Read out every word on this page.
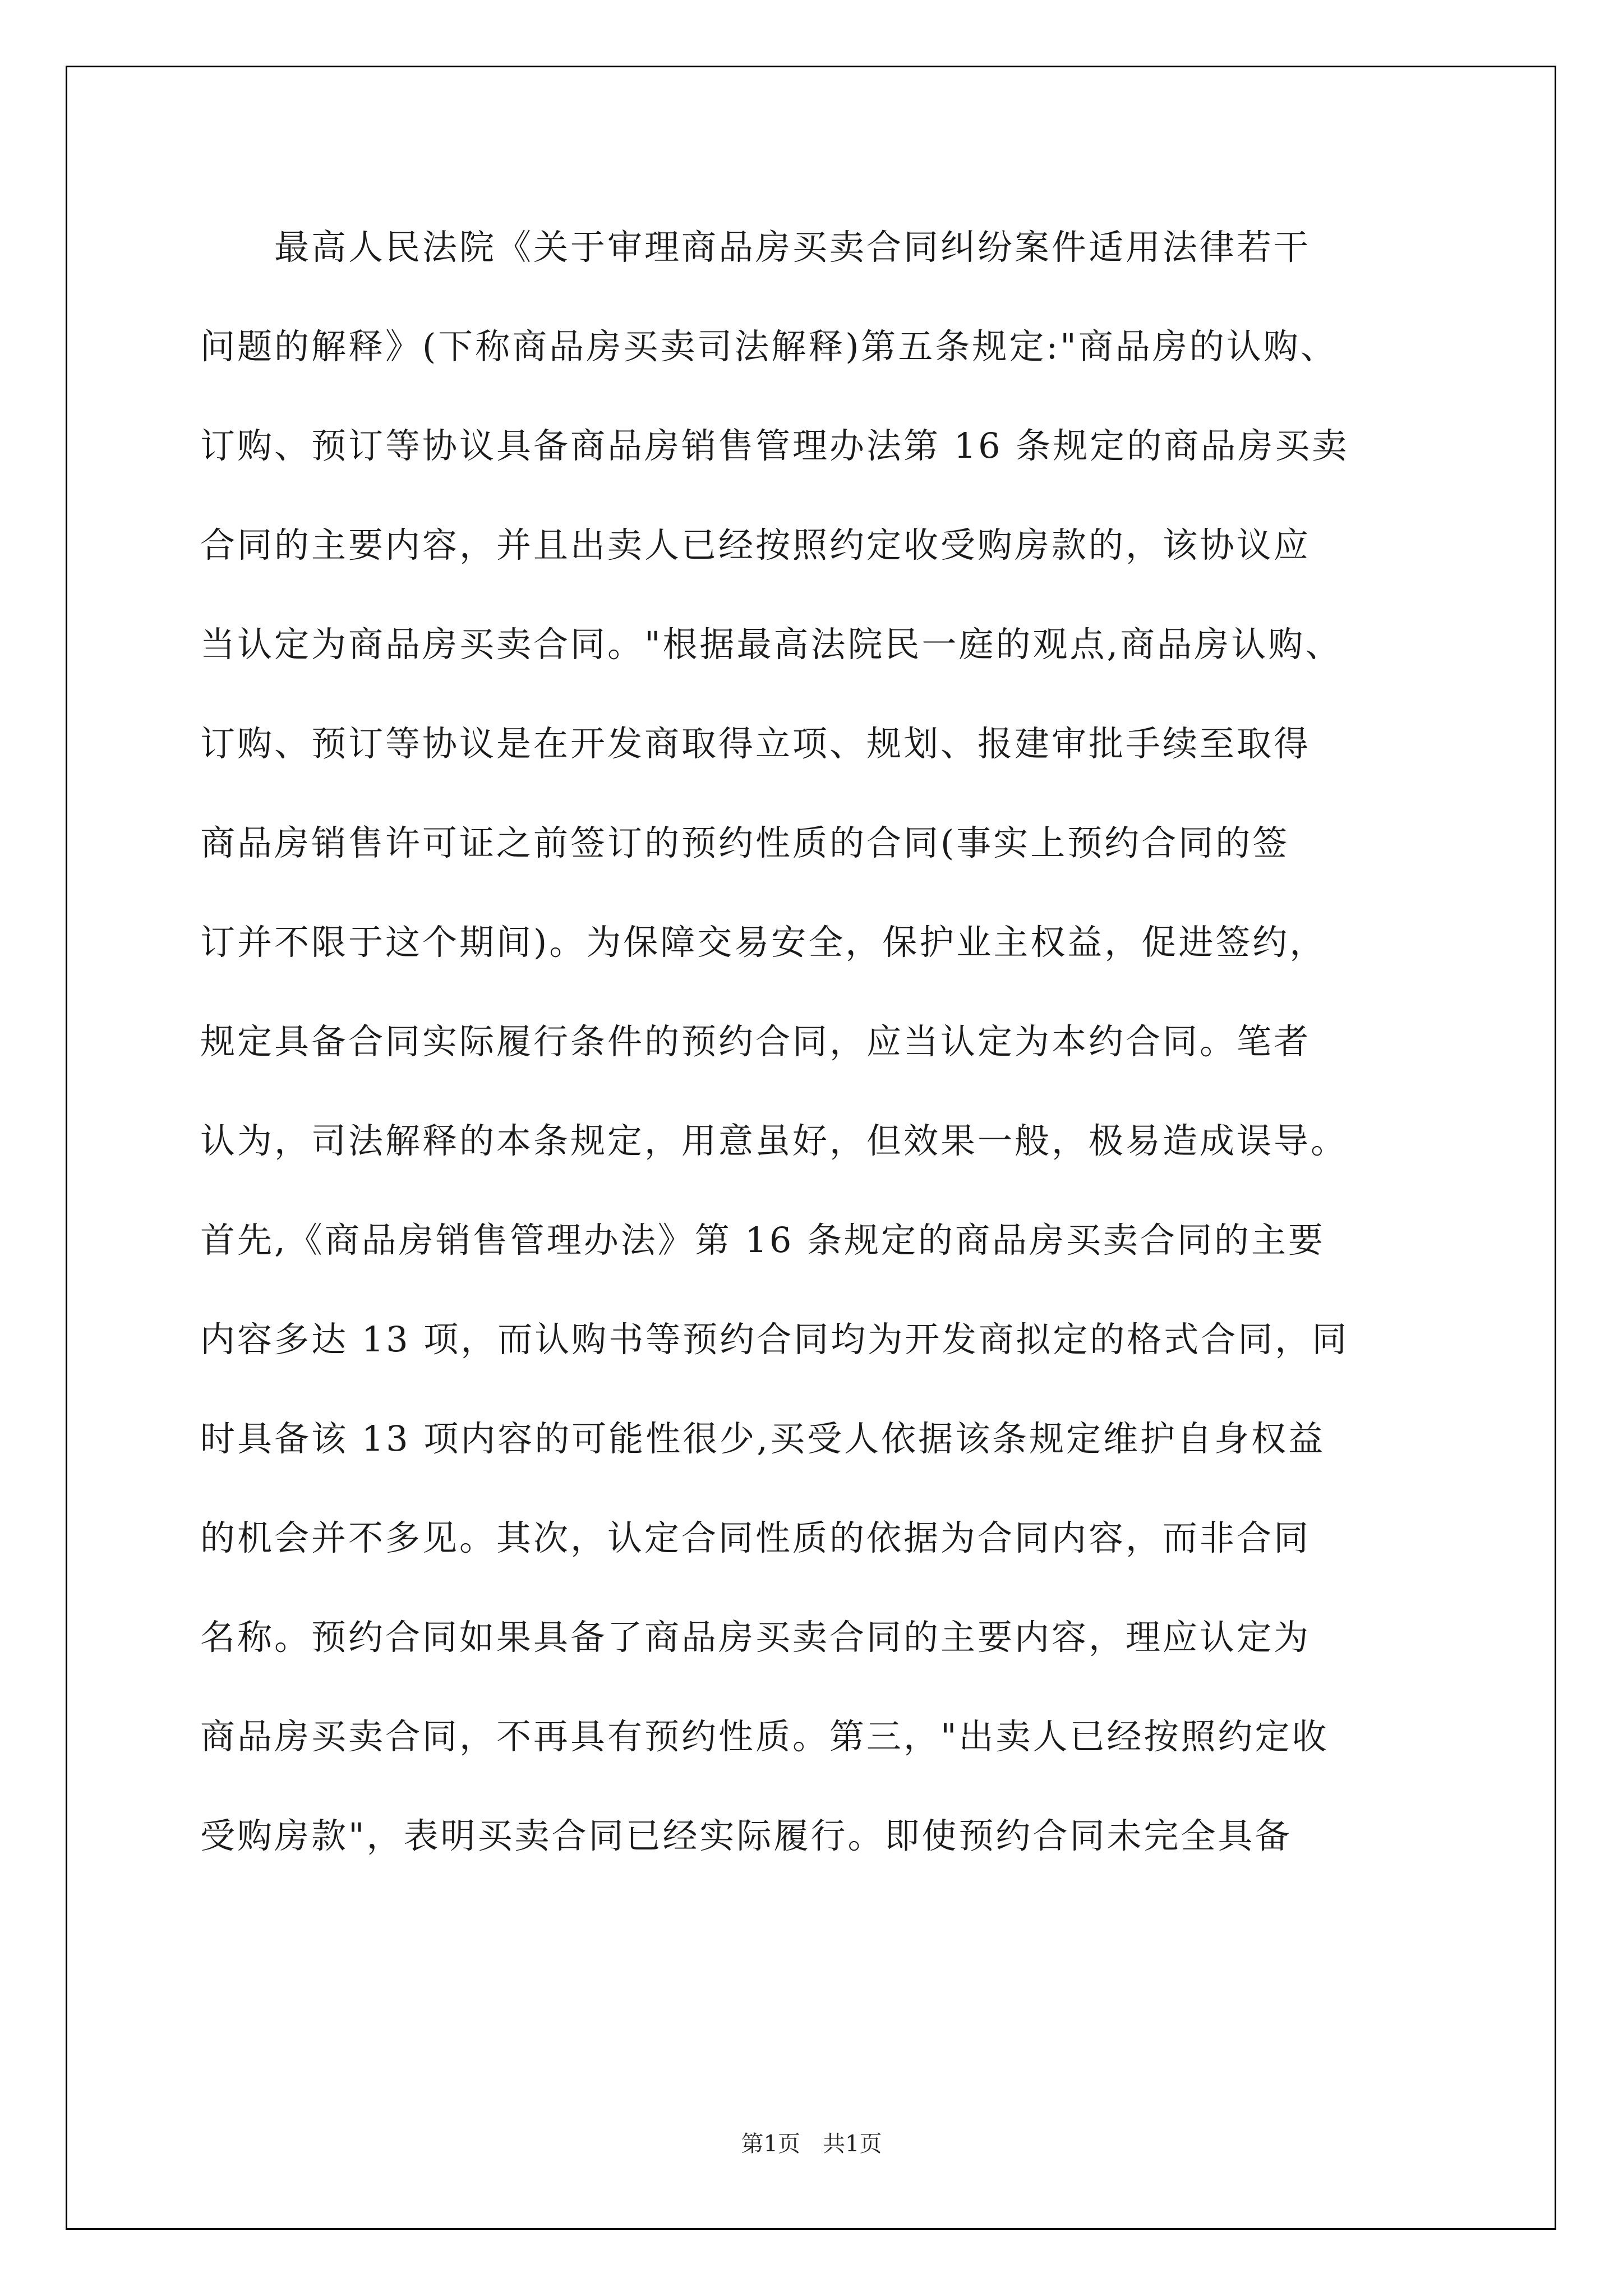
　　最高人民法院《关于审理商品房买卖合同纠纷案件适用法律若干
问题的解释》(下称商品房买卖司法解释)第五条规定:"商品房的认购、
订购、预订等协议具备商品房销售管理办法第 16 条规定的商品房买卖
合同的主要内容，并且出卖人已经按照约定收受购房款的，该协议应
当认定为商品房买卖合同。"根据最高法院民一庭的观点,商品房认购、
订购、预订等协议是在开发商取得立项、规划、报建审批手续至取得
商品房销售许可证之前签订的预约性质的合同(事实上预约合同的签
订并不限于这个期间)。为保障交易安全，保护业主权益，促进签约，
规定具备合同实际履行条件的预约合同，应当认定为本约合同。笔者
认为，司法解释的本条规定，用意虽好，但效果一般，极易造成误导。
首先,《商品房销售管理办法》第 16 条规定的商品房买卖合同的主要
内容多达 13 项，而认购书等预约合同均为开发商拟定的格式合同，同
时具备该 13 项内容的可能性很少,买受人依据该条规定维护自身权益
的机会并不多见。其次，认定合同性质的依据为合同内容，而非合同
名称。预约合同如果具备了商品房买卖合同的主要内容，理应认定为
商品房买卖合同，不再具有预约性质。第三，"出卖人已经按照约定收
受购房款"，表明买卖合同已经实际履行。即使预约合同未完全具备
第1页　共1页
